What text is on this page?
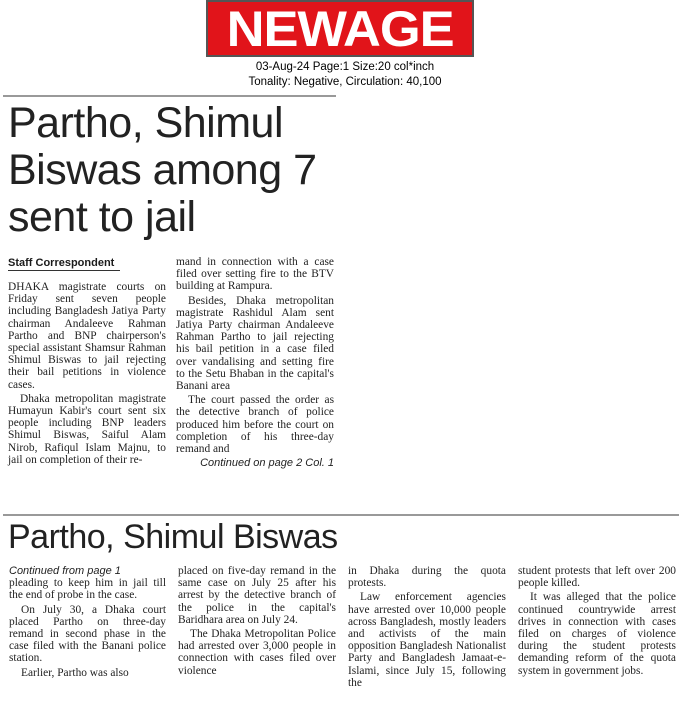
NEWAGE
03-Aug-24 Page:1 Size:20 col*inch
Tonality: Negative, Circulation: 40,100
Partho, Shimul Biswas among 7 sent to jail
Staff Correspondent

DHAKA magistrate courts on Friday sent seven people including Bangladesh Jatiya Party chairman Andaleeve Rahman Partho and BNP chairperson's special assistant Shamsur Rahman Shimul Biswas to jail rejecting their bail petitions in violence cases.

Dhaka metropolitan magistrate Humayun Kabir's court sent six people including BNP leaders Shimul Biswas, Saiful Alam Nirob, Rafiqul Islam Majnu, to jail on completion of their re-

mand in connection with a case filed over setting fire to the BTV building at Rampura.

Besides, Dhaka metropolitan magistrate Rashidul Alam sent Jatiya Party chairman Andaleeve Rahman Partho to jail rejecting his bail petition in a case filed over vandalising and setting fire to the Setu Bhaban in the capital's Banani area

The court passed the order as the detective branch of police produced him before the court on completion of his three-day remand and

Continued on page 2 Col. 1
Partho, Shimul Biswas
Continued from page 1

pleading to keep him in jail till the end of probe in the case.

On July 30, a Dhaka court placed Partho on three-day remand in second phase in the case filed with the Banani police station.

Earlier, Partho was also

placed on five-day remand in the same case on July 25 after his arrest by the detective branch of the police in the capital's Baridhara area on July 24.

The Dhaka Metropolitan Police had arrested over 3,000 people in connection with cases filed over violence

in Dhaka during the quota protests.

Law enforcement agencies have arrested over 10,000 people across Bangladesh, mostly leaders and activists of the main opposition Bangladesh Nationalist Party and Bangladesh Jamaat-e-Islami, since July 15, following the

student protests that left over 200 people killed.

It was alleged that the police continued countrywide arrest drives in connection with cases filed on charges of violence during the student protests demanding reform of the quota system in government jobs.
